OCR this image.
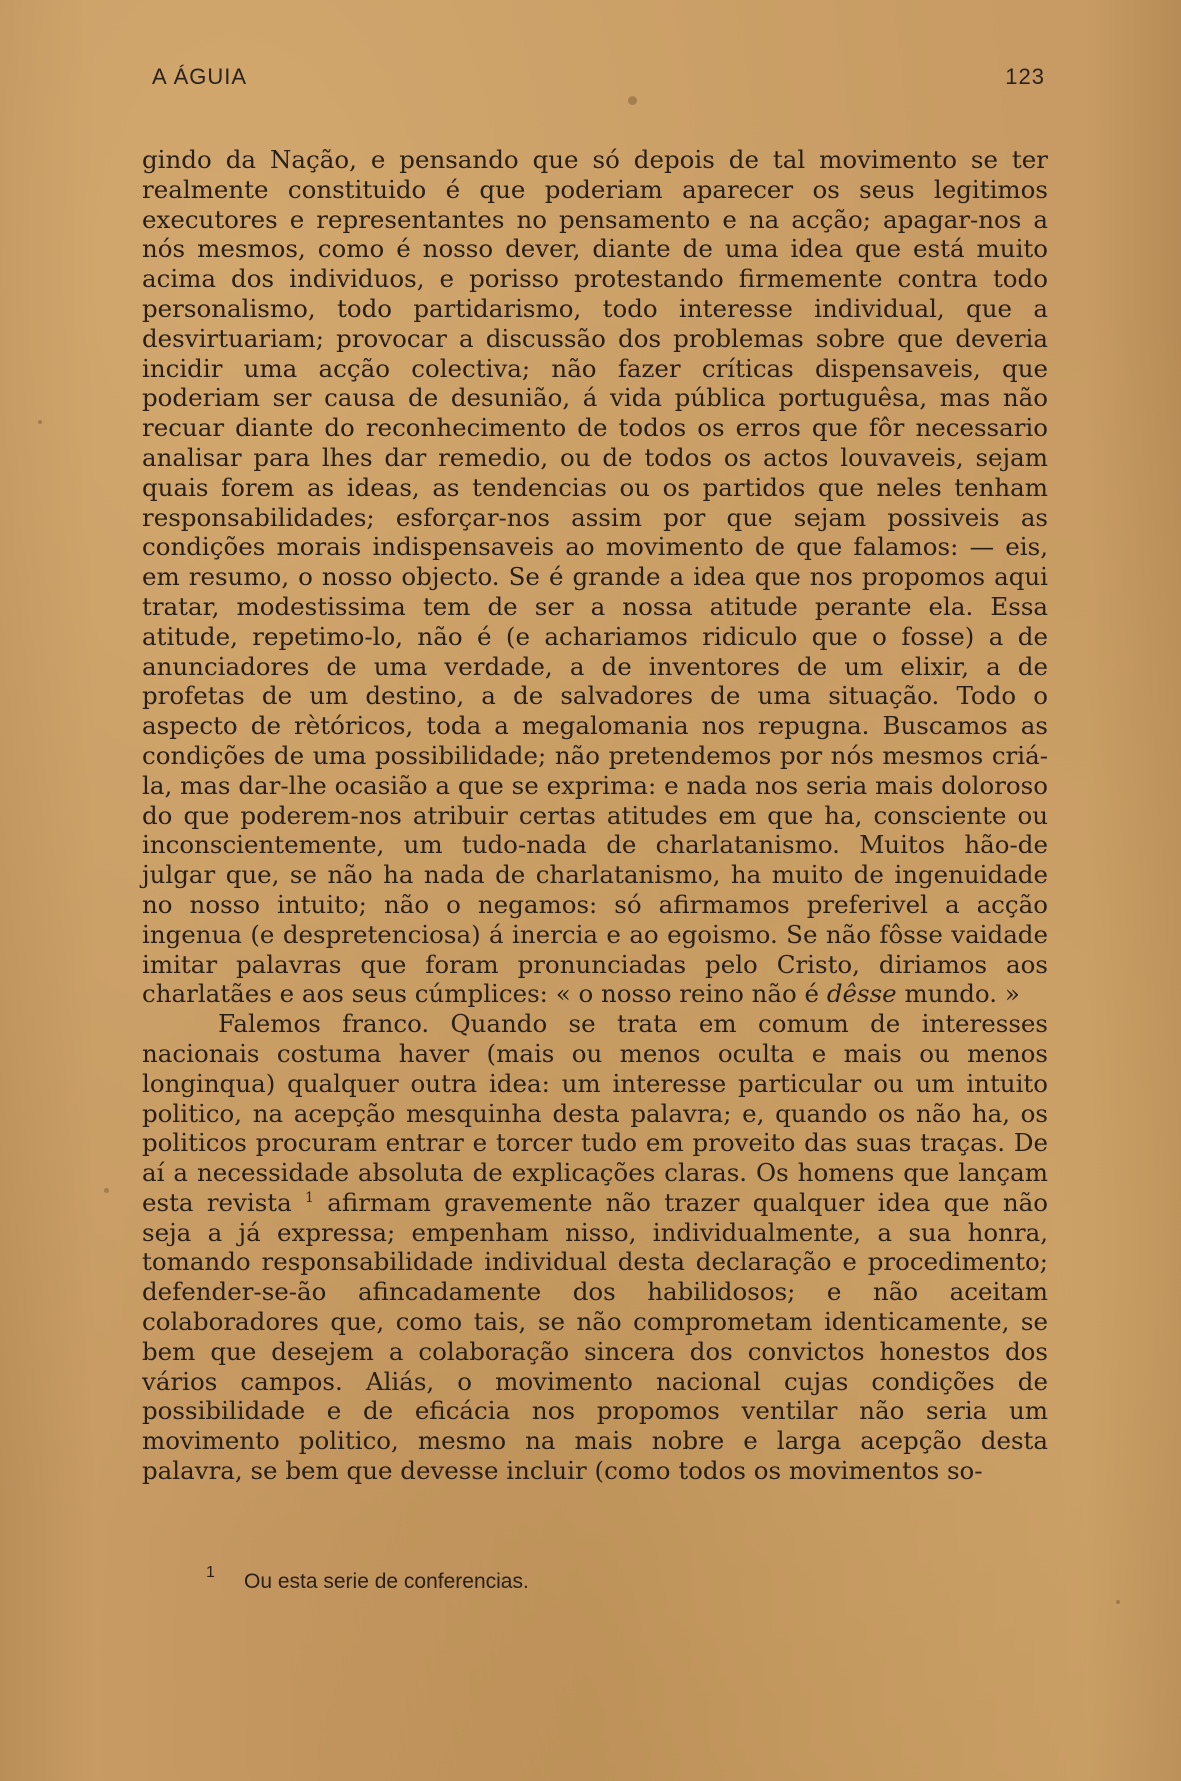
A ÁGUIA	123

gindo da Nação, e pensando que só depois de tal movimento se ter realmente constituido é que poderiam aparecer os seus legitimos executores e representantes no pensamento e na acção; apagar-nos a nós mesmos, como é nosso dever, diante de uma idea que está muito acima dos individuos, e porisso protestando firmemente contra todo personalismo, todo partidarismo, todo interesse individual, que a desvirtuariam; provocar a discussão dos problemas sobre que deveria incidir uma acção colectiva; não fazer críticas dispensaveis, que poderiam ser causa de desunião, á vida pública portuguêsa, mas não recuar diante do reconhecimento de todos os erros que fôr necessario analisar para lhes dar remedio, ou de todos os actos louvaveis, sejam quais forem as ideas, as tendencias ou os partidos que neles tenham responsabilidades; esforçar-nos assim por que sejam possiveis as condições morais indispensaveis ao movimento de que falamos: — eis, em resumo, o nosso objecto. Se é grande a idea que nos propomos aqui tratar, modestissima tem de ser a nossa atitude perante ela. Essa atitude, repetimo-lo, não é (e achariamos ridiculo que o fosse) a de anunciadores de uma verdade, a de inventores de um elixir, a de profetas de um destino, a de salvadores de uma situação. Todo o aspecto de rètóricos, toda a megalomania nos repugna. Buscamos as condições de uma possibilidade; não pretendemos por nós mesmos criá-la, mas dar-lhe ocasião a que se exprima: e nada nos seria mais doloroso do que poderem-nos atribuir certas atitudes em que ha, consciente ou inconscientemente, um tudo-nada de charlatanismo. Muitos hão-de julgar que, se não ha nada de charlatanismo, ha muito de ingenuidade no nosso intuito; não o negamos: só afirmamos preferivel a acção ingenua (e despretenciosa) á inercia e ao egoismo. Se não fôsse vaidade imitar palavras que foram pronunciadas pelo Cristo, diriamos aos charlatães e aos seus cúmplices: « o nosso reino não é dêsse mundo. »

Falemos franco. Quando se trata em comum de interesses nacionais costuma haver (mais ou menos oculta e mais ou menos longinqua) qualquer outra idea: um interesse particular ou um intuito politico, na acepção mesquinha desta palavra; e, quando os não ha, os politicos procuram entrar e torcer tudo em proveito das suas traças. De aí a necessidade absoluta de explicações claras. Os homens que lançam esta revista $^1$ afirmam gravemente não trazer qualquer idea que não seja a já expressa; empenham nisso, individualmente, a sua honra, tomando responsabilidade individual desta declaração e procedimento; defender-se-ão afincadamente dos habilidosos; e não aceitam colaboradores que, como tais, se não comprometam identicamente, se bem que desejem a colaboração sincera dos convictos honestos dos vários campos. Aliás, o movimento nacional cujas condições de possibilidade e de eficácia nos propomos ventilar não seria um movimento politico, mesmo na mais nobre e larga acepção desta palavra, se bem que devesse incluir (como todos os movimentos so-

1 Ou esta serie de conferencias.
